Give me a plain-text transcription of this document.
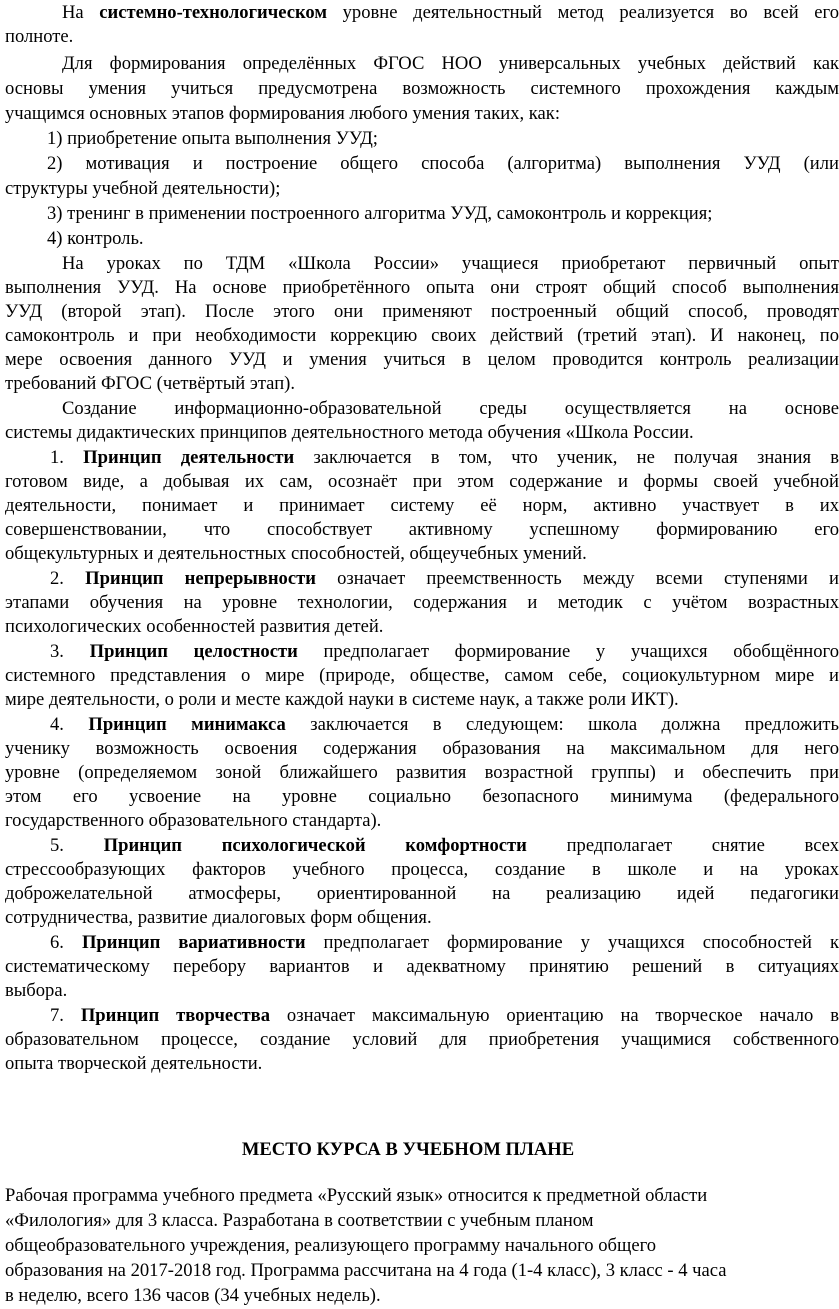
На системно-технологическом уровне деятельностный метод реализуется во всей его
полноте.
Для формирования определённых ФГОС НОО универсальных учебных действий как
основы умения учиться предусмотрена возможность системного прохождения каждым
учащимся основных этапов формирования любого умения таких, как:
1) приобретение опыта выполнения УУД;
2) мотивация и построение общего способа (алгоритма) выполнения УУД (или
структуры учебной деятельности);
3) тренинг в применении построенного алгоритма УУД, самоконтроль и коррекция;
4) контроль.
На уроках по ТДМ «Школа России» учащиеся приобретают первичный опыт
выполнения УУД. На основе приобретённого опыта они строят общий способ выполнения
УУД (второй этап). После этого они применяют построенный общий способ, проводят
самоконтроль и при необходимости коррекцию своих действий (третий этап). И наконец, по
мере освоения данного УУД и умения учиться в целом проводится контроль реализации
требований ФГОС (четвёртый этап).
Создание информационно-образовательной среды осуществляется на основе
системы дидактических принципов деятельностного метода обучения «Школа России.
1. Принцип деятельности заключается в том, что ученик, не получая знания в
готовом виде, а добывая их сам, осознаёт при этом содержание и формы своей учебной
деятельности, понимает и принимает систему её норм, активно участвует в их
совершенствовании, что способствует активному успешному формированию его
общекультурных и деятельностных способностей, общеучебных умений.
2. Принцип непрерывности означает преемственность между всеми ступенями и
этапами обучения на уровне технологии, содержания и методик с учётом возрастных
психологических особенностей развития детей.
3. Принцип целостности предполагает формирование у учащихся обобщённого
системного представления о мире (природе, обществе, самом себе, социокультурном мире и
мире деятельности, о роли и месте каждой науки в системе наук, а также роли ИКТ).
4. Принцип минимакса заключается в следующем: школа должна предложить
ученику возможность освоения содержания образования на максимальном для него
уровне (определяемом зоной ближайшего развития возрастной группы) и обеспечить при
этом его усвоение на уровне социально безопасного минимума (федерального
государственного образовательного стандарта).
5. Принцип психологической комфортности предполагает снятие всех
стрессообразующих факторов учебного процесса, создание в школе и на уроках
доброжелательной атмосферы, ориентированной на реализацию идей педагогики
сотрудничества, развитие диалоговых форм общения.
6. Принцип вариативности предполагает формирование у учащихся способностей к
систематическому перебору вариантов и адекватному принятию решений в ситуациях
выбора.
7. Принцип творчества означает максимальную ориентацию на творческое начало в
образовательном процессе, создание условий для приобретения учащимися собственного
опыта творческой деятельности.
МЕСТО КУРСА В УЧЕБНОМ ПЛАНЕ
Рабочая программа учебного предмета «Русский язык» относится к предметной области
«Филология» для 3 класса. Разработана в соответствии с учебным планом
общеобразовательного учреждения, реализующего программу начального общего
образования на 2017-2018 год. Программа рассчитана на 4 года (1-4 класс), 3 класс - 4 часа
в неделю, всего 136 часов (34 учебных недель).
